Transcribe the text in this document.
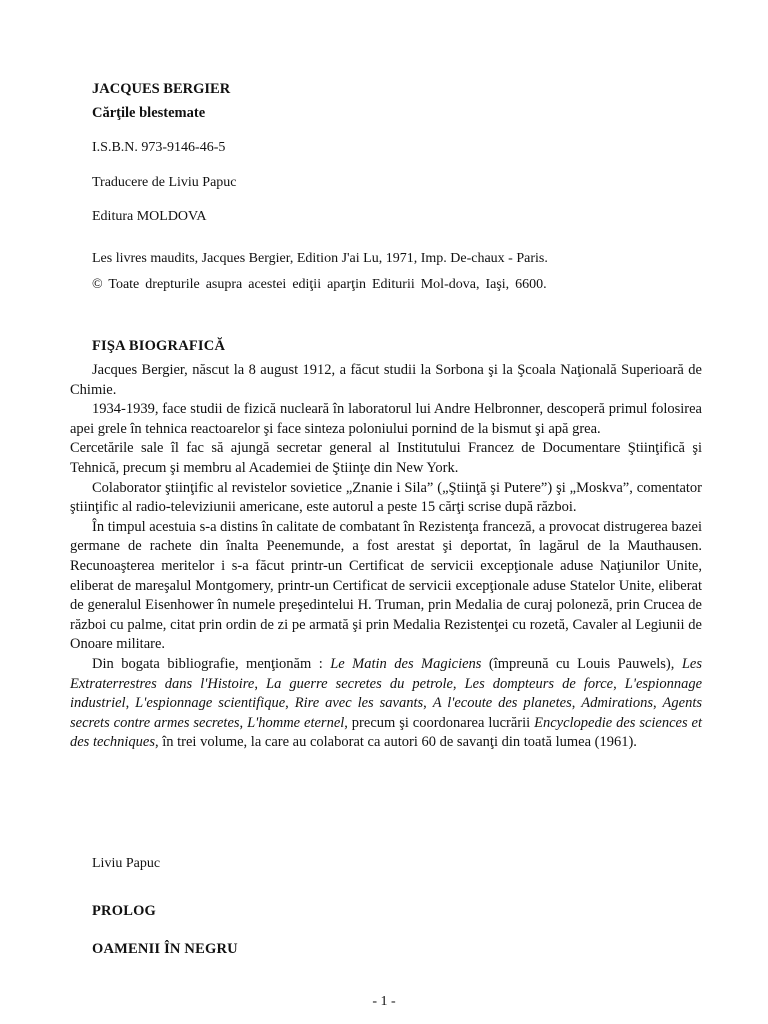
JACQUES BERGIER
Cărţile blestemate
I.S.B.N. 973-9146-46-5
Traducere de Liviu Papuc
Editura MOLDOVA
Les livres maudits, Jacques Bergier, Edition J'ai Lu, 1971, Imp. De-chaux - Paris.
© Toate drepturile asupra acestei ediţii aparţin Editurii Mol-dova, Iaşi, 6600.
FIŞA BIOGRAFICĂ

Jacques Bergier, născut la 8 august 1912, a făcut studii la Sorbona şi la Şcoala Naţională Superioară de Chimie.

1934-1939, face studii de fizică nucleară în laboratorul lui Andre Helbronner, descoperă primul folosirea apei grele în tehnica reactoarelor şi face sinteza poloniului pornind de la bismut şi apă grea.

Cercetările sale îl fac să ajungă secretar general al Institutului Francez de Documentare Ştiinţifică şi Tehnică, precum şi membru al Academiei de Ştiinţe din New York.

Colaborator ştiinţific al revistelor sovietice „Znanie i Sila” („Ştiinţă şi Putere”) şi „Moskva”, comentator ştiinţific al radio-televiziunii americane, este autorul a peste 15 cărţi scrise după război.

În timpul acestuia s-a distins în calitate de combatant în Rezistenţa franceză, a provocat distrugerea bazei germane de rachete din înalta Peenemunde, a fost arestat şi deportat, în lagărul de la Mauthausen. Recunoaşterea meritelor i s-a făcut printr-un Certificat de servicii excepţionale aduse Naţiunilor Unite, eliberat de mareşalul Montgomery, printr-un Certificat de servicii excepţionale aduse Statelor Unite, eliberat de generalul Eisenhower în numele preşedintelui H. Truman, prin Medalia de curaj poloneză, prin Crucea de război cu palme, citat prin ordin de zi pe armată şi prin Medalia Rezistenţei cu rozetă, Cavaler al Legiunii de Onoare militare.

Din bogata bibliografie, menţionăm : Le Matin des Magiciens (împreună cu Louis Pauwels), Les Extraterrestres dans l'Histoire, La guerre secretes du petrole, Les dompteurs de force, L'espionnage industriel, L'espionnage scientifique, Rire avec les savants, A l'ecoute des planetes, Admirations, Agents secrets contre armes secretes, L'homme eternel, precum şi coordonarea lucrării Encyclopedie des sciences et des techniques, în trei volume, la care au colaborat ca autori 60 de savanţi din toată lumea (1961).

Liviu Papuc
PROLOG
OAMENII ÎN NEGRU
- 1 -
